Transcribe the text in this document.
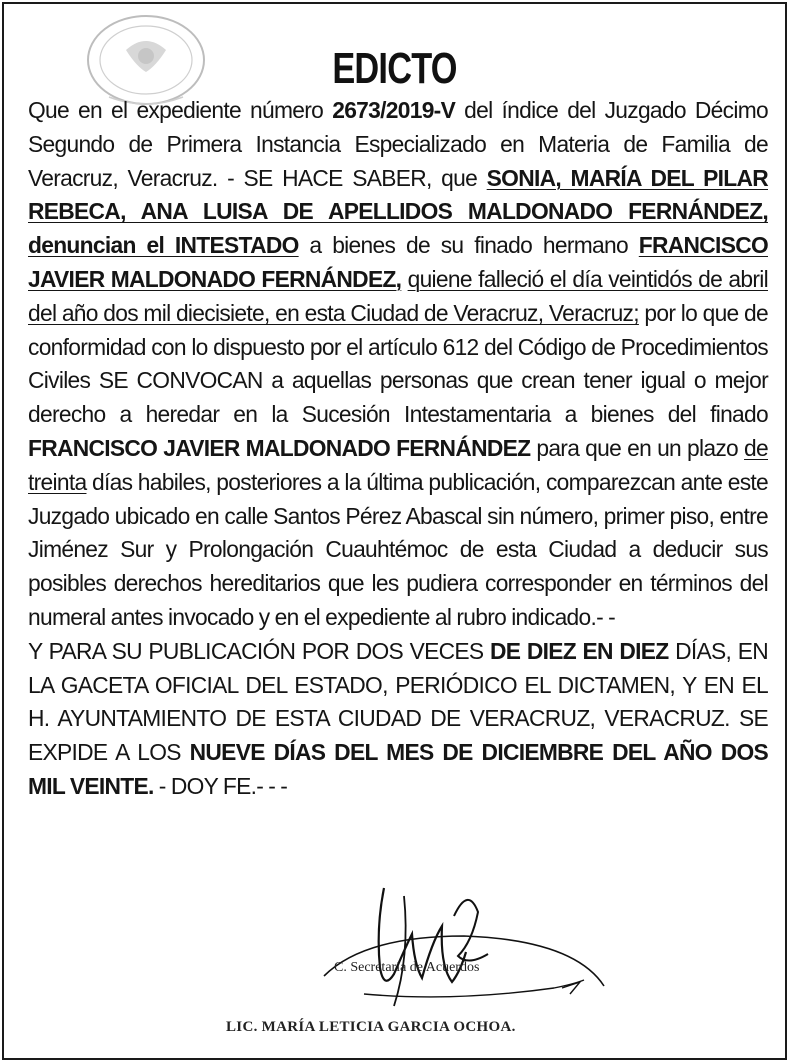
EDICTO

Que en el expediente número 2673/2019-V del índice del Juzgado Décimo Segundo de Primera Instancia Especializado en Materia de Familia de Veracruz, Veracruz. - SE HACE SABER, que SONIA, MARÍA DEL PILAR REBECA, ANA LUISA DE APELLIDOS MALDONADO FERNÁNDEZ, denuncian el INTESTADO a bienes de su finado hermano FRANCISCO JAVIER MALDONADO FERNÁNDEZ, quiene falleció el día veintidós de abril del año dos mil diecisiete, en esta Ciudad de Veracruz, Veracruz; por lo que de conformidad con lo dispuesto por el artículo 612 del Código de Procedimientos Civiles SE CONVOCAN a aquellas personas que crean tener igual o mejor derecho a heredar en la Sucesión Intestamentaria a bienes del finado FRANCISCO JAVIER MALDONADO FERNÁNDEZ para que en un plazo de treinta días habiles, posteriores a la última publicación, comparezcan ante este Juzgado ubicado en calle Santos Pérez Abascal sin número, primer piso, entre Jiménez Sur y Prolongación Cuauhtémoc de esta Ciudad a deducir sus posibles derechos hereditarios que les pudiera corresponder en términos del numeral antes invocado y en el expediente al rubro indicado.- -

Y PARA SU PUBLICACIÓN POR DOS VECES DE DIEZ EN DIEZ DÍAS, EN LA GACETA OFICIAL DEL ESTADO, PERIÓDICO EL DICTAMEN, Y EN EL H. AYUNTAMIENTO DE ESTA CIUDAD DE VERACRUZ, VERACRUZ. SE EXPIDE A LOS NUEVE DÍAS DEL MES DE DICIEMBRE DEL AÑO DOS MIL VEINTE. - DOY FE.- - -

C. Secretaria de Acuerdos
LIC. MARÍA LETICIA GARCIA OCHOA.
